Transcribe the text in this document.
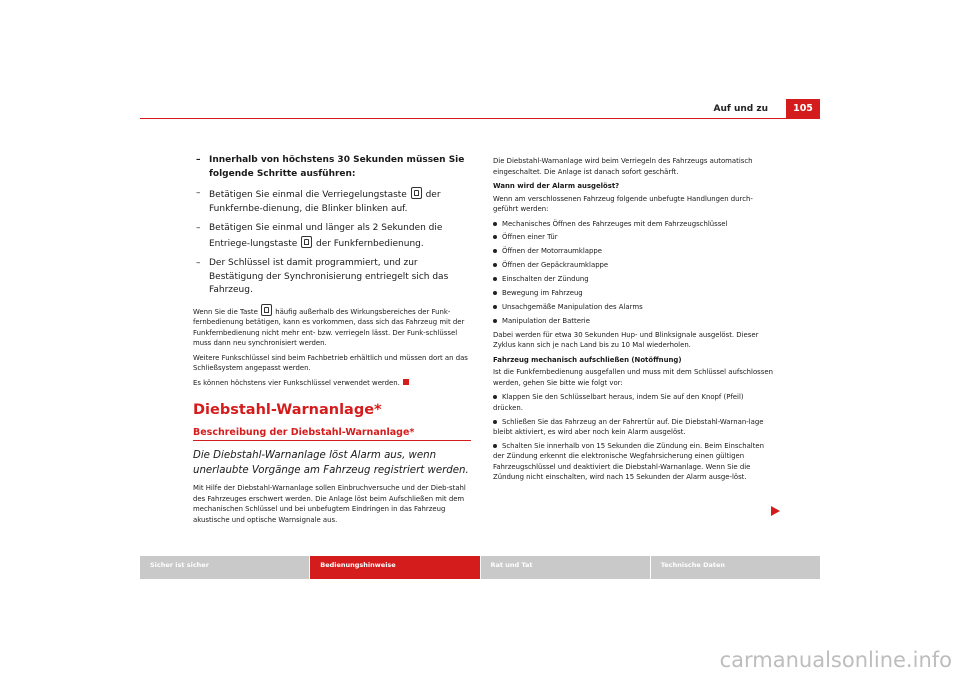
Auf und zu	105
– Innerhalb von höchstens 30 Sekunden müssen Sie folgende Schritte ausführen:
– Betätigen Sie einmal die Verriegelungstaste  der Funkfernbe-dienung, die Blinker blinken auf.
– Betätigen Sie einmal und länger als 2 Sekunden die Entriege-lungstaste  der Funkfernbedienung.
– Der Schlüssel ist damit programmiert, und zur Bestätigung der Synchronisierung entriegelt sich das Fahrzeug.

Wenn Sie die Taste  häufig außerhalb des Wirkungsbereiches der Funk-fernbedienung betätigen, kann es vorkommen, dass sich das Fahrzeug mit der Funkfernbedienung nicht mehr ent- bzw. verriegeln lässt. Der Funk-schlüssel muss dann neu synchronisiert werden.

Weitere Funkschlüssel sind beim Fachbetrieb erhältlich und müssen dort an das Schließsystem angepasst werden.

Es können höchstens vier Funkschlüssel verwendet werden.

Diebstahl-Warnanlage*
Beschreibung der Diebstahl-Warnanlage*
Die Diebstahl-Warnanlage löst Alarm aus, wenn unerlaubte Vorgänge am Fahrzeug registriert werden.

Mit Hilfe der Diebstahl-Warnanlage sollen Einbruchversuche und der Dieb-stahl des Fahrzeuges erschwert werden. Die Anlage löst beim Aufschließen mit dem mechanischen Schlüssel und bei unbefugtem Eindringen in das Fahrzeug akustische und optische Warnsignale aus.

Die Diebstahl-Warnanlage wird beim Verriegeln des Fahrzeugs automatisch eingeschaltet. Die Anlage ist danach sofort geschärft.

Wann wird der Alarm ausgelöst?

Wenn am verschlossenen Fahrzeug folgende unbefugte Handlungen durch-geführt werden:

Mechanisches Öffnen des Fahrzeuges mit dem Fahrzeugschlüssel
Öffnen einer Tür
Öffnen der Motorraumklappe
Öffnen der Gepäckraumklappe
Einschalten der Zündung
Bewegung im Fahrzeug
Unsachgemäße Manipulation des Alarms
Manipulation der Batterie

Dabei werden für etwa 30 Sekunden Hup- und Blinksignale ausgelöst. Dieser Zyklus kann sich je nach Land bis zu 10 Mal wiederholen.

Fahrzeug mechanisch aufschließen (Notöffnung)

Ist die Funkfernbedienung ausgefallen und muss mit dem Schlüssel aufschlossen werden, gehen Sie bitte wie folgt vor:

Klappen Sie den Schlüsselbart heraus, indem Sie auf den Knopf (Pfeil) drücken.
Schließen Sie das Fahrzeug an der Fahrertür auf. Die Diebstahl-Warnan-lage bleibt aktiviert, es wird aber noch kein Alarm ausgelöst.
Schalten Sie innerhalb von 15 Sekunden die Zündung ein. Beim Einschalten der Zündung erkennt die elektronische Wegfahrsicherung einen gültigen Fahrzeugschlüssel und deaktiviert die Diebstahl-Warnanlage. Wenn Sie die Zündung nicht einschalten, wird nach 15 Sekunden der Alarm ausge-löst.
Sicher ist sicher	Bedienungshinweise	Rat und Tat	Technische Daten
carmanualsonline.info
